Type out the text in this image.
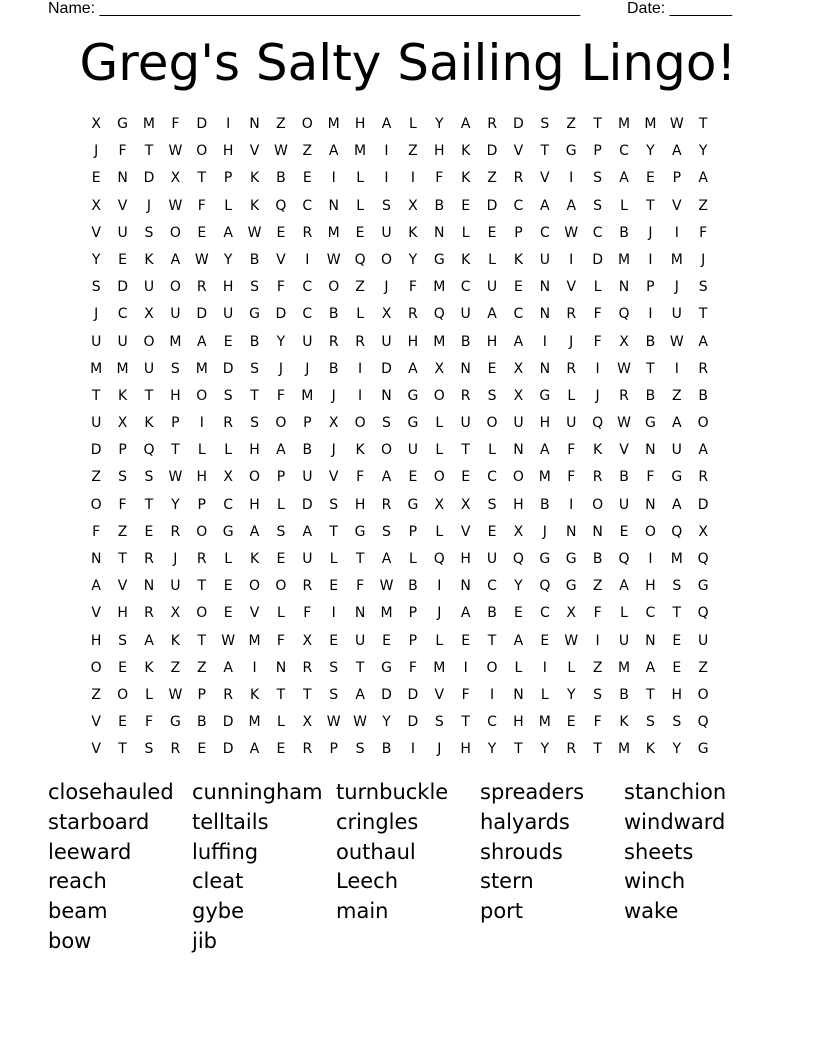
Name: ______________________________________________________	Date: _______
Greg's Salty Sailing Lingo!
X	G	M	F	D	I	N	Z	O	M	H	A	L	Y	A	R	D	S	Z	T	M	M W	T
J	F	T	W O	H	V	W	Z	A	M	I	Z	H	K	D	V	T	G	P	C	Y	A	Y
E	N	D	X	T	P	K	B	E	I	L	I	I	F	K	Z	R	V	I	S	A	E	P	A
X	V	J	W	F	L	K	Q	C	N	L	S	X	B	E	D	C	A	A	S	L	T	V	Z
V	U	S	O	E	A	W	E	R	M	E	U	K	N	L	E	P	C	W	C	B	J	I	F
Y	E	K	A	W	Y	B	V	I	W Q	O	Y	G	K	L	K	U	I	D	M	I	M	J
S	D	U	O	R	H	S	F	C	O	Z	J	F	M	C	U	E	N	V	L	N	P	J	S
J	C	X	U	D	U	G	D	C	B	L	X	R	Q	U	A	C	N	R	F	Q	I	U	T
U	U	O	M	A	E	B	Y	U	R	R	U	H	M	B	H	A	I	J	F	X	B	W	A
M	M	U	S	M	D	S	J	J	B	I	D	A	X	N	E	X	N	R	I	W	T	I	R
T	K	T	H	O	S	T	F	M	J	I	N	G	O	R	S	X	G	L	J	R	B	Z	B
U	X	K	P	I	R	S	O	P	X	O	S	G	L	U	O	U	H	U	Q W	G	A	O
D	P	Q	T	L	L	H	A	B	J	K	O	U	L	T	L	N	A	F	K	V	N	U	A
Z	S	S	W	H	X	O	P	U	V	F	A	E	O	E	C	O	M	F	R	B	F	G	R
O	F	T	Y	P	C	H	L	D	S	H	R	G	X	X	S	H	B	I	O	U	N	A	D
F	Z	E	R	O	G	A	S	A	T	G	S	P	L	V	E	X	J	N	N	E	O	Q	X
N	T	R	J	R	L	K	E	U	L	T	A	L	Q	H	U	Q	G	G	B	Q	I	M	Q
A	V	N	U	T	E	O	O	R	E	F	W	B	I	N	C	Y	Q	G	Z	A	H	S	G
V	H	R	X	O	E	V	L	F	I	N	M	P	J	A	B	E	C	X	F	L	C	T	Q
H	S	A	K	T	W M	F	X	E	U	E	P	L	E	T	A	E	W	I	U	N	E	U
O	E	K	Z	Z	A	I	N	R	S	T	G	F	M	I	O	L	I	L	Z	M	A	E	Z
Z	O	L	W	P	R	K	T	T	S	A	D	D	V	F	I	N	L	Y	S	B	T	H	O
V	E	F	G	B	D	M	L	X	W W	Y	D	S	T	C	H	M	E	F	K	S	S	Q
V	T	S	R	E	D	A	E	R	P	S	B	I	J	H	Y	T	Y	R	T	M	K	Y	G
closehauled cunningham turnbuckle	spreaders	stanchion
starboard	telltails	cringles	halyards	windward
leeward	luffing	outhaul	shrouds	sheets
reach	cleat	Leech	stern	winch
beam	gybe	main	port	wake
bow	jib
